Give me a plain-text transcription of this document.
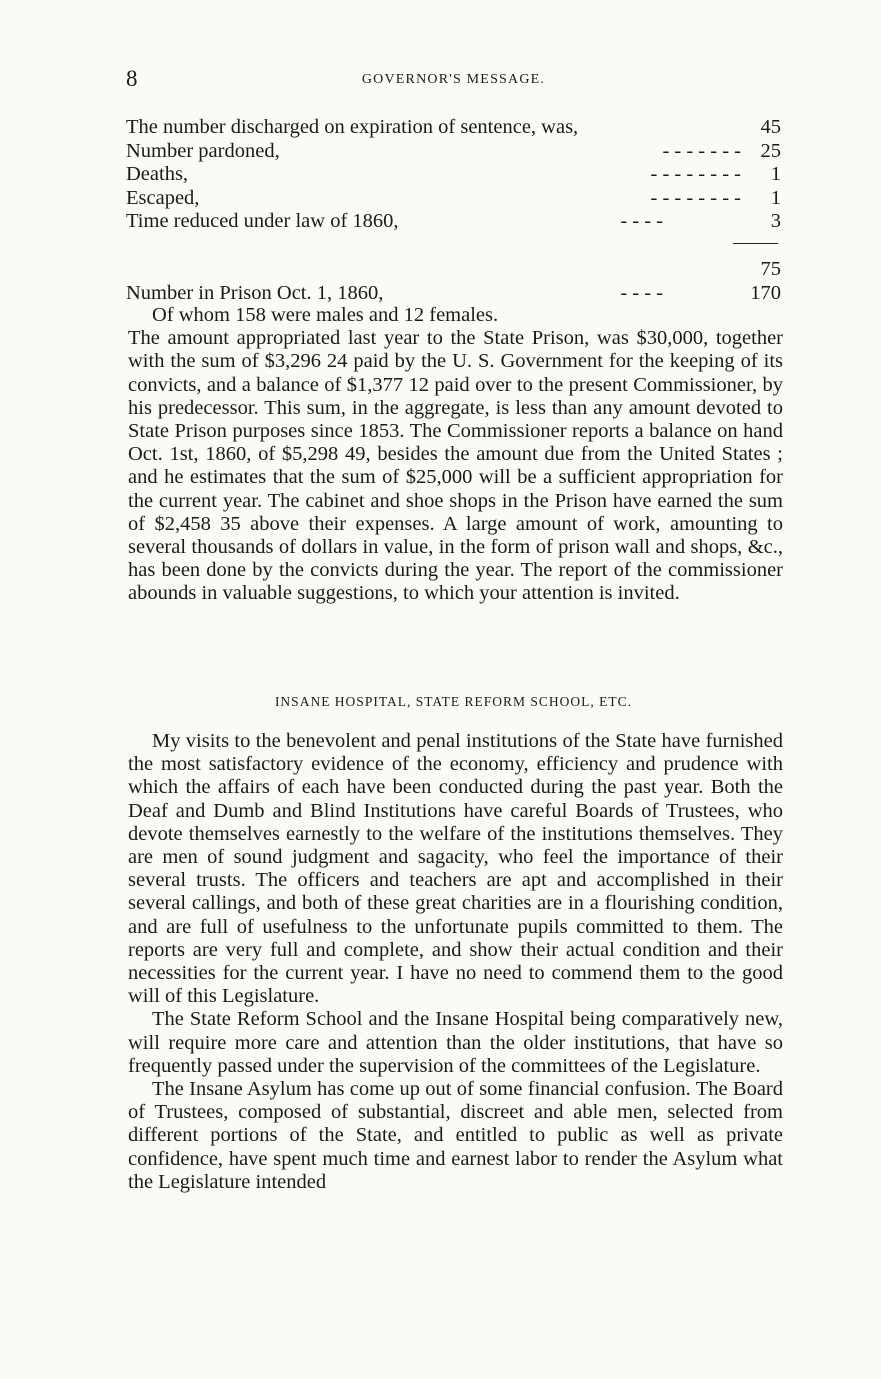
8	GOVERNOR'S MESSAGE.
The number discharged on expiration of sentence, was,	45
Number pardoned,	- - - - - - - 25
Deaths,	- - - - - - - - 1
Escaped,	- - - - - - - - 1
Time reduced under law of 1860,	- - - -	3
75
Number in Prison Oct. 1, 1860,	- - - -	170

Of whom 158 were males and 12 females.

The amount appropriated last year to the State Prison, was $30,000, together with the sum of $3,296 24 paid by the U. S. Government for the keeping of its convicts, and a balance of $1,377 12 paid over to the present Commissioner, by his predecessor. This sum, in the aggregate, is less than any amount devoted to State Prison purposes since 1853. The Commissioner reports a balance on hand Oct. 1st, 1860, of $5,298 49, besides the amount due from the United States ; and he estimates that the sum of $25,000 will be a sufficient appropriation for the current year. The cabinet and shoe shops in the Prison have earned the sum of $2,458 35 above their expenses. A large amount of work, amounting to several thousands of dollars in value, in the form of prison wall and shops, &c., has been done by the convicts during the year. The report of the commissioner abounds in valuable suggestions, to which your attention is invited.

INSANE HOSPITAL, STATE REFORM SCHOOL, ETC.

My visits to the benevolent and penal institutions of the State have furnished the most satisfactory evidence of the economy, efficiency and prudence with which the affairs of each have been conducted during the past year. Both the Deaf and Dumb and Blind Institutions have careful Boards of Trustees, who devote themselves earnestly to the welfare of the institutions themselves. They are men of sound judgment and sagacity, who feel the importance of their several trusts. The officers and teachers are apt and accomplished in their several callings, and both of these great charities are in a flourishing condition, and are full of usefulness to the unfortunate pupils committed to them. The reports are very full and complete, and show their actual condition and their necessities for the current year. I have no need to commend them to the good will of this Legislature.

The State Reform School and the Insane Hospital being comparatively new, will require more care and attention than the older institutions, that have so frequently passed under the supervision of the committees of the Legislature.

The Insane Asylum has come up out of some financial confusion. The Board of Trustees, composed of substantial, discreet and able men, selected from different portions of the State, and entitled to public as well as private confidence, have spent much time and earnest labor to render the Asylum what the Legislature intended
